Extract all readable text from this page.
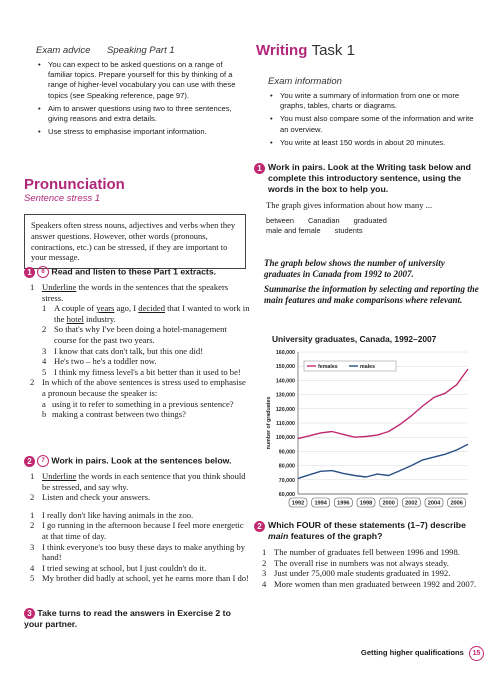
Exam advice Speaking Part 1
• You can expect to be asked questions on a range of familiar topics. Prepare yourself for this by thinking of a range of higher-level vocabulary you can use with these topics (see Speaking reference, page 97).
• Aim to answer questions using two to three sentences, giving reasons and extra details.
• Use stress to emphasise important information.
Pronunciation
Sentence stress 1
Speakers often stress nouns, adjectives and verbs when they answer questions. However, other words (pronouns, contractions, etc.) can be stressed, if they are important to your message.
1 6 Read and listen to these Part 1 extracts.
1 Underline the words in the sentences that the speakers stress.
1 A couple of years ago, I decided that I wanted to work in the hotel industry.
2 So that's why I've been doing a hotel-management course for the past two years.
3 I know that cats don't talk, but this one did!
4 He's two – he's a toddler now.
5 I think my fitness level's a bit better than it used to be!
2 In which of the above sentences is stress used to emphasise a pronoun because the speaker is:
a using it to refer to something in a previous sentence?
b making a contrast between two things?
2 7 Work in pairs. Look at the sentences below.
1 Underline the words in each sentence that you think should be stressed, and say why.
2 Listen and check your answers.
1 I really don't like having animals in the zoo.
2 I go running in the afternoon because I feel more energetic at that time of day.
3 I think everyone's too busy these days to make anything by hand!
4 I tried sewing at school, but I just couldn't do it.
5 My brother did badly at school, yet he earns more than I do!
3 Take turns to read the answers in Exercise 2 to your partner.
Writing Task 1
Exam information
• You write a summary of information from one or more graphs, tables, charts or diagrams.
• You must also compare some of the information and write an overview.
• You write at least 150 words in about 20 minutes.
1 Work in pairs. Look at the Writing task below and complete this introductory sentence, using the words in the box to help you.
The graph gives information about how many ...
between Canadian graduated
male and female students
The graph below shows the number of university graduates in Canada from 1992 to 2007.
Summarise the information by selecting and reporting the main features and make comparisons where relevant.
University graduates, Canada, 1992–2007
160,000
150,000
140,000
130,000
120,000
110,000
100,000
90,000
80,000
70,000
60,000
number of graduates
1992 1994 1996 1998 2000 2002 2004 2006
females	males
2 Which FOUR of these statements (1–7) describe main features of the graph?
1 The number of graduates fell between 1996 and 1998.
2 The overall rise in numbers was not always steady.
3 Just under 75,000 male students graduated in 1992.
4 More women than men graduated between 1992 and 2007.
Getting higher qualifications 15
